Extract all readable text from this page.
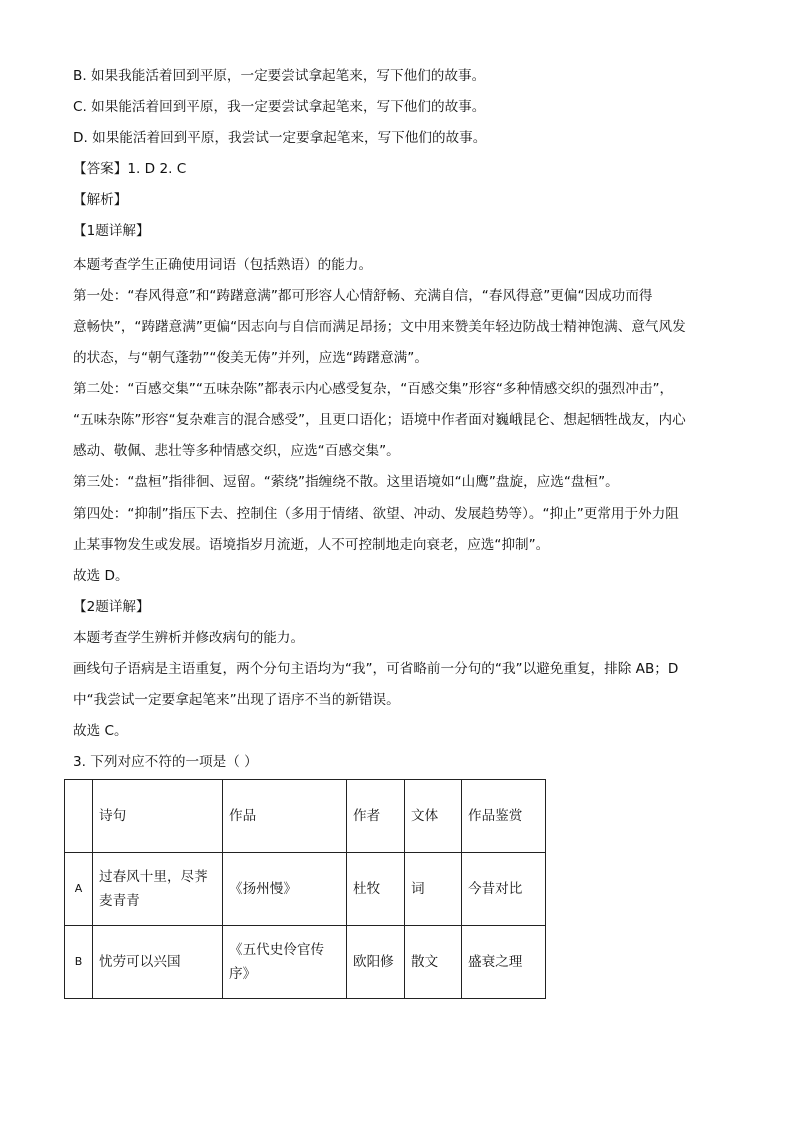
B. 如果我能活着回到平原，一定要尝试拿起笔来，写下他们的故事。
C. 如果能活着回到平原，我一定要尝试拿起笔来，写下他们的故事。
D. 如果能活着回到平原，我尝试一定要拿起笔来，写下他们的故事。
【答案】1. D 2. C
【解析】
【1题详解】
本题考查学生正确使用词语（包括熟语）的能力。
第一处：“春风得意”和“踌躇意满”都可形容人心情舒畅、充满自信，“春风得意”更偏“因成功而得
意畅快”，“踌躇意满”更偏“因志向与自信而满足昂扬；文中用来赞美年轻边防战士精神饱满、意气风发
的状态，与“朝气蓬勃”“俊美无俦”并列，应选“踌躇意满”。
第二处：“百感交集”“五味杂陈”都表示内心感受复杂，“百感交集”形容“多种情感交织的强烈冲击”，
“五味杂陈”形容“复杂难言的混合感受”，且更口语化；语境中作者面对巍峨昆仑、想起牺牲战友，内心
感动、敬佩、悲壮等多种情感交织，应选“百感交集”。
第三处：“盘桓”指徘徊、逗留。“萦绕”指缠绕不散。这里语境如“山鹰”盘旋，应选“盘桓”。
第四处：“抑制”指压下去、控制住（多用于情绪、欲望、冲动、发展趋势等）。“抑止”更常用于外力阻
止某事物发生或发展。语境指岁月流逝，人不可控制地走向衰老，应选“抑制”。
故选 D。
【2题详解】
本题考查学生辨析并修改病句的能力。
画线句子语病是主语重复，两个分句主语均为“我”，可省略前一分句的“我”以避免重复，排除 AB；D
中“我尝试一定要拿起笔来”出现了语序不当的新错误。
故选 C。
3. 下列对应不符的一项是（ ）
	诗句	作品	作者	文体	作品鉴赏
A	过春风十里，尽荠麦青青	《扬州慢》	杜牧	词	今昔对比
B	忧劳可以兴国	《五代史伶官传序》	欧阳修	散文	盛衰之理
